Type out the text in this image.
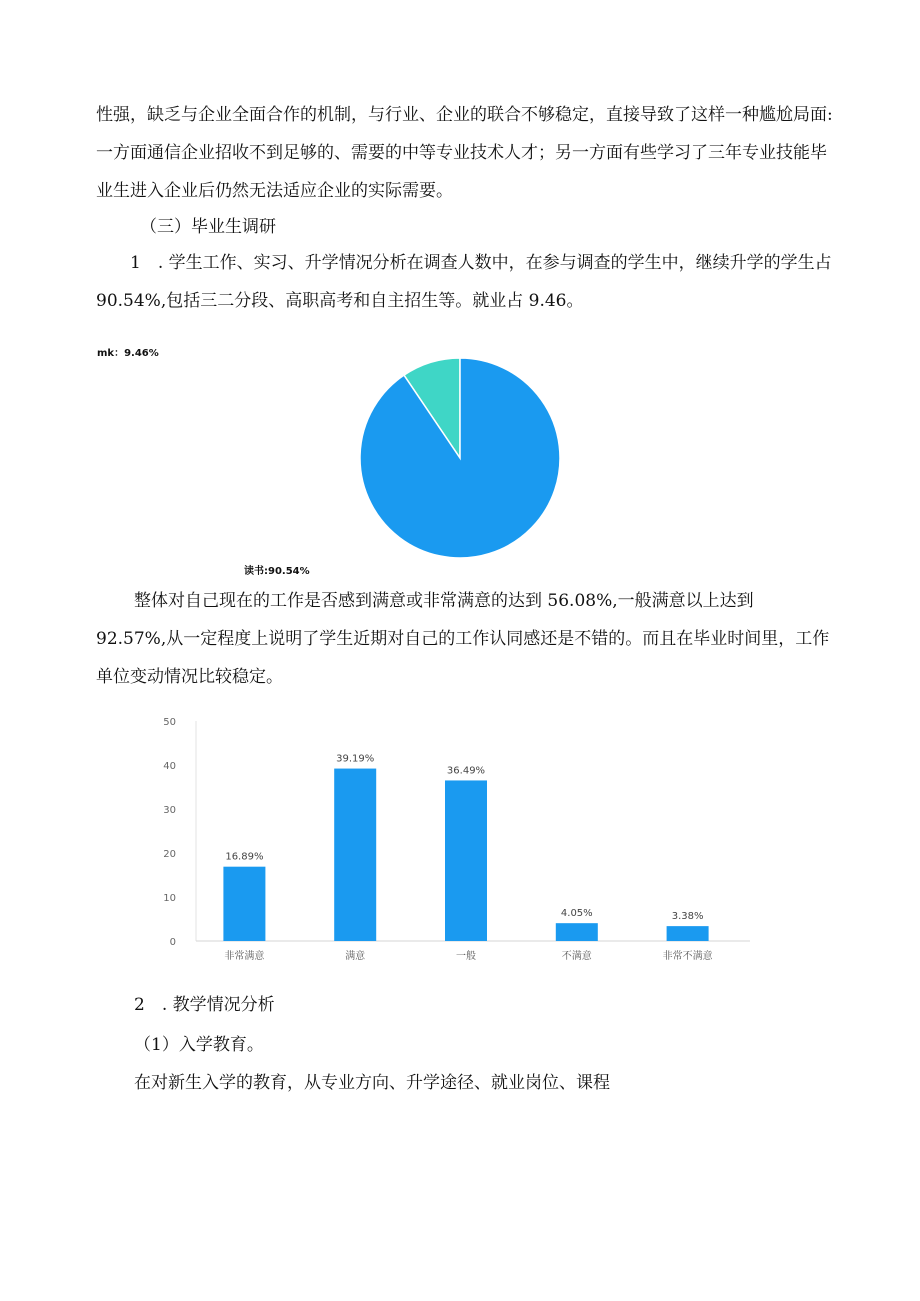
性强，缺乏与企业全面合作的机制，与行业、企业的联合不够稳定，直接导致了这样一种尴尬局面:
一方面通信企业招收不到足够的、需要的中等专业技术人才；另一方面有些学习了三年专业技能毕
业生进入企业后仍然无法适应企业的实际需要。
（三）毕业生调研
1　. 学生工作、实习、升学情况分析在调查人数中，在参与调查的学生中，继续升学的学生占
90.54%,包括三二分段、高职高考和自主招生等。就业占 9.46。
mk：9.46%
读书:90.54%
整体对自己现在的工作是否感到满意或非常满意的达到 56.08%,一般满意以上达到
92.57%,从一定程度上说明了学生近期对自己的工作认同感还是不错的。而且在毕业时间里，工作
单位变动情况比较稳定。
0
10
20
30
40
50
16.89%
非常满意
39.19%
满意
36.49%
一般
4.05%
不满意
3.38%
非常不满意
2　. 教学情况分析
（1）入学教育。
在对新生入学的教育，从专业方向、升学途径、就业岗位、课程
